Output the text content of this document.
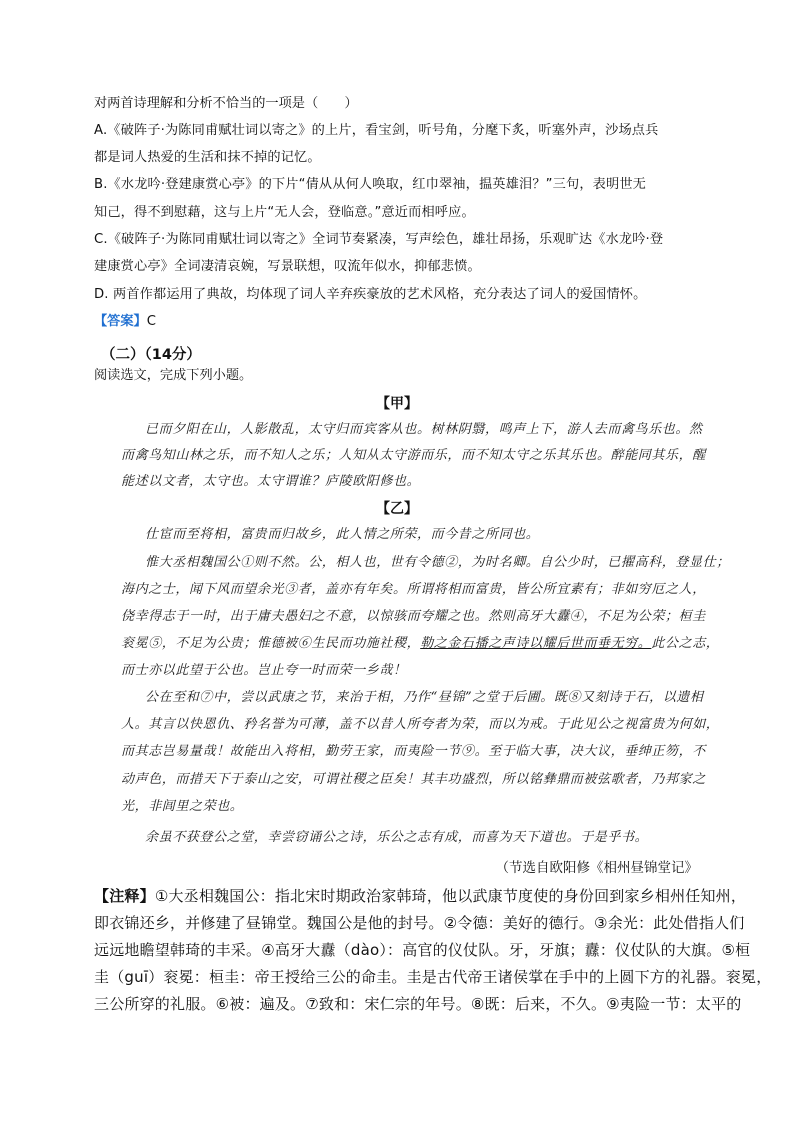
对两首诗理解和分析不恰当的一项是（　　）
A.《破阵子·为陈同甫赋壮词以寄之》的上片，看宝剑，听号角，分麾下炙，听塞外声，沙场点兵
都是词人热爱的生活和抹不掉的记忆。
B.《水龙吟·登建康赏心亭》的下片“倩从从何人唤取，红巾翠袖，揾英雄泪？”三句，表明世无
知己，得不到慰藉，这与上片“无人会，登临意。”意近而相呼应。
C.《破阵子·为陈同甫赋壮词以寄之》全词节奏紧凑，写声绘色，雄壮昂扬，乐观旷达《水龙吟·登
建康赏心亭》全词凄清哀婉，写景联想，叹流年似水，抑郁悲愤。
D. 两首作都运用了典故，均体现了词人辛弃疾豪放的艺术风格，充分表达了词人的爱国情怀。
【答案】C
（二）（14分）
阅读选文，完成下列小题。
【甲】
已而夕阳在山，人影散乱，太守归而宾客从也。树林阴翳，鸣声上下，游人去而禽鸟乐也。然
而禽鸟知山林之乐，而不知人之乐；人知从太守游而乐，而不知太守之乐其乐也。醉能同其乐，醒
能述以文者，太守也。太守谓谁？庐陵欧阳修也。
【乙】
仕宦而至将相，富贵而归故乡，此人情之所荣，而今昔之所同也。
惟大丞相魏国公①则不然。公，相人也，世有令德②，为时名卿。自公少时，已擢高科，登显仕；
海内之士，闻下风而望余光③者，盖亦有年矣。所谓将相而富贵，皆公所宜素有；非如穷厄之人，
侥幸得志于一时，出于庸夫愚妇之不意，以惊骇而夸耀之也。然则高牙大纛④，不足为公荣；桓圭
衮冕⑤，不足为公贵；惟德被⑥生民而功施社稷，勒之金石播之声诗以耀后世而垂无穷。此公之志，
而士亦以此望于公也。岂止夸一时而荣一乡哉！
公在至和⑦中，尝以武康之节，来治于相，乃作“昼锦”之堂于后圃。既⑧又刻诗于石，以遗相
人。其言以快恩仇、矜名誉为可薄，盖不以昔人所夸者为荣，而以为戒。于此见公之视富贵为何如，
而其志岂易量哉！故能出入将相，勤劳王家，而夷险一节⑨。至于临大事，决大议，垂绅正笏，不
动声色，而措天下于泰山之安，可谓社稷之臣矣！其丰功盛烈，所以铭彝鼎而被弦歌者，乃邦家之
光，非闾里之荣也。
余虽不获登公之堂，幸尝窃诵公之诗，乐公之志有成，而喜为天下道也。于是乎书。
（节选自欧阳修《相州昼锦堂记》
【注释】①大丞相魏国公：指北宋时期政治家韩琦，他以武康节度使的身份回到家乡相州任知州，
即衣锦还乡，并修建了昼锦堂。魏国公是他的封号。②令德：美好的德行。③余光：此处借指人们
远远地瞻望韩琦的丰采。④高牙大纛（dào）：高官的仪仗队。牙，牙旗；纛：仪仗队的大旗。⑤桓
圭（guī）衮冕：桓圭：帝王授给三公的命圭。圭是古代帝王诸侯掌在手中的上圆下方的礼器。衮冕，
三公所穿的礼服。⑥被：遍及。⑦致和：宋仁宗的年号。⑧既：后来，不久。⑨夷险一节：太平的
